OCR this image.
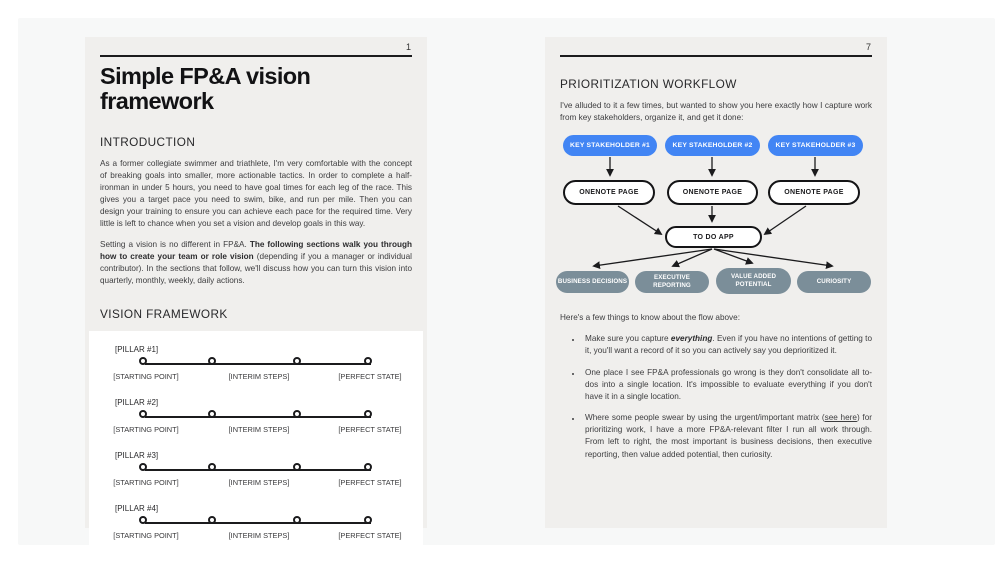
1
Simple FP&A vision framework
INTRODUCTION

As a former collegiate swimmer and triathlete, I'm very comfortable with the concept of breaking goals into smaller, more actionable tactics. In order to complete a half-ironman in under 5 hours, you need to have goal times for each leg of the race. This gives you a target pace you need to swim, bike, and run per mile. Then you can design your training to ensure you can achieve each pace for the required time. Very little is left to chance when you set a vision and develop goals in this way.

Setting a vision is no different in FP&A. The following sections walk you through how to create your team or role vision (depending if you a manager or individual contributor). In the sections that follow, we'll discuss how you can turn this vision into quarterly, monthly, weekly, daily actions.

VISION FRAMEWORK
[PILLAR #1]
[STARTING POINT]	[INTERIM STEPS]	[PERFECT STATE]
[PILLAR #2]
[STARTING POINT]	[INTERIM STEPS]	[PERFECT STATE]
[PILLAR #3]
[STARTING POINT]	[INTERIM STEPS]	[PERFECT STATE]
[PILLAR #4]
[STARTING POINT]	[INTERIM STEPS]	[PERFECT STATE]
7
PRIORITIZATION WORKFLOW

I've alluded to it a few times, but wanted to show you here exactly how I capture work from key stakeholders, organize it, and get it done:

KEY STAKEHOLDER #1	KEY STAKEHOLDER #2	KEY STAKEHOLDER #3
ONENOTE PAGE	ONENOTE PAGE	ONENOTE PAGE
TO DO APP
BUSINESS DECISIONS
EXECUTIVE REPORTING
VALUE ADDED POTENTIAL	CURIOSITY

Here's a few things to know about the flow above:

• Make sure you capture everything. Even if you have no intentions of getting to it, you'll want a record of it so you can actively say you deprioritized it.
• One place I see FP&A professionals go wrong is they don't consolidate all to-dos into a single location. It's impossible to evaluate everything if you don't have it in a single location.
• Where some people swear by using the urgent/important matrix (see here) for prioritizing work, I have a more FP&A-relevant filter I run all work through. From left to right, the most important is business decisions, then executive reporting, then value added potential, then curiosity.
